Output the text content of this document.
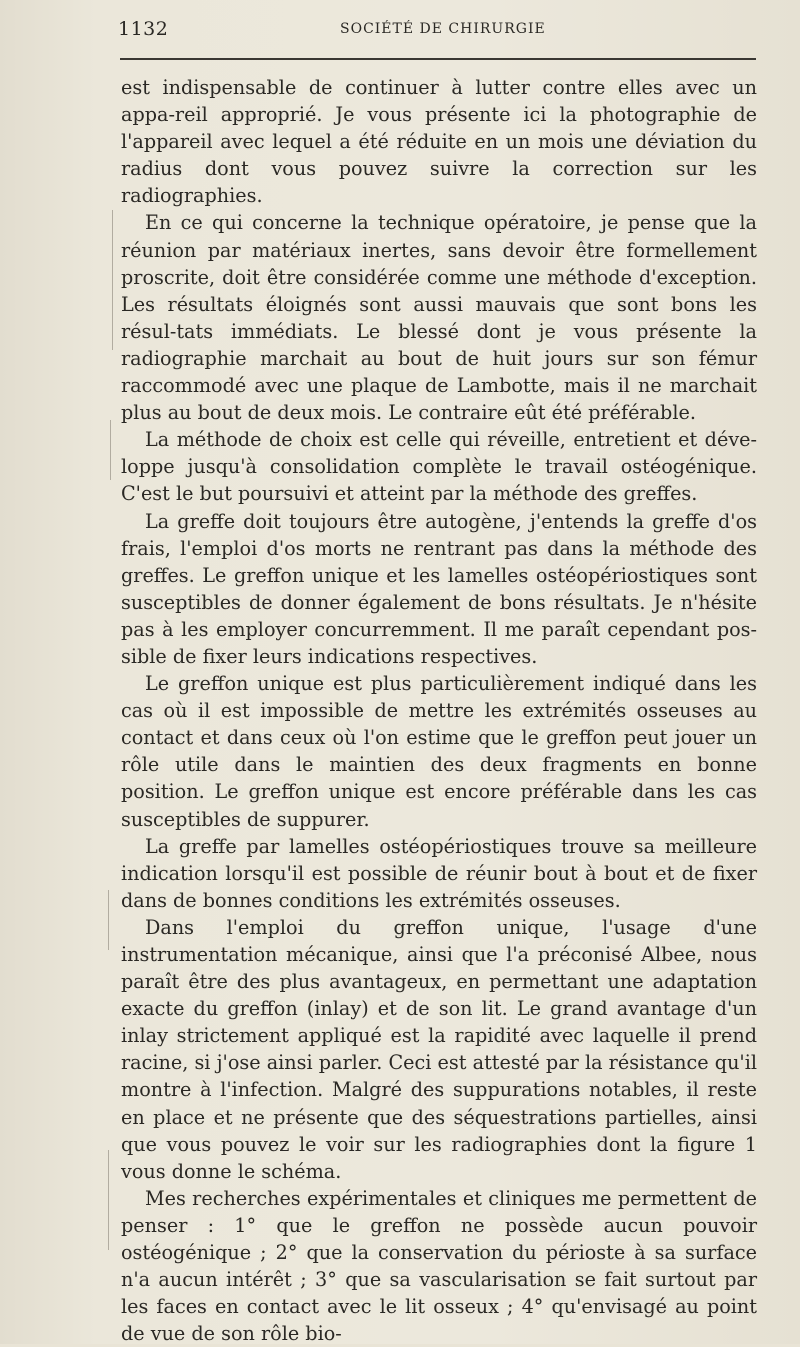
1132	SOCIÉTÉ DE CHIRURGIE

est indispensable de continuer à lutter contre elles avec un appa-reil approprié. Je vous présente ici la photographie de l'appareil avec lequel a été réduite en un mois une déviation du radius dont vous pouvez suivre la correction sur les radiographies.

En ce qui concerne la technique opératoire, je pense que la réunion par matériaux inertes, sans devoir être formellement proscrite, doit être considérée comme une méthode d'exception. Les résultats éloignés sont aussi mauvais que sont bons les résul-tats immédiats. Le blessé dont je vous présente la radiographie marchait au bout de huit jours sur son fémur raccommodé avec une plaque de Lambotte, mais il ne marchait plus au bout de deux mois. Le contraire eût été préférable.

La méthode de choix est celle qui réveille, entretient et déve-loppe jusqu'à consolidation complète le travail ostéogénique. C'est le but poursuivi et atteint par la méthode des greffes.

La greffe doit toujours être autogène, j'entends la greffe d'os frais, l'emploi d'os morts ne rentrant pas dans la méthode des greffes. Le greffon unique et les lamelles ostéopériostiques sont susceptibles de donner également de bons résultats. Je n'hésite pas à les employer concurremment. Il me paraît cependant pos-sible de fixer leurs indications respectives.

Le greffon unique est plus particulièrement indiqué dans les cas où il est impossible de mettre les extrémités osseuses au contact et dans ceux où l'on estime que le greffon peut jouer un rôle utile dans le maintien des deux fragments en bonne position. Le greffon unique est encore préférable dans les cas susceptibles de suppurer.

La greffe par lamelles ostéopériostiques trouve sa meilleure indication lorsqu'il est possible de réunir bout à bout et de fixer dans de bonnes conditions les extrémités osseuses.

Dans l'emploi du greffon unique, l'usage d'une instrumentation mécanique, ainsi que l'a préconisé Albee, nous paraît être des plus avantageux, en permettant une adaptation exacte du greffon (inlay) et de son lit. Le grand avantage d'un inlay strictement appliqué est la rapidité avec laquelle il prend racine, si j'ose ainsi parler. Ceci est attesté par la résistance qu'il montre à l'infection. Malgré des suppurations notables, il reste en place et ne présente que des séquestrations partielles, ainsi que vous pouvez le voir sur les radiographies dont la figure 1 vous donne le schéma.

Mes recherches expérimentales et cliniques me permettent de penser : 1° que le greffon ne possède aucun pouvoir ostéogénique ; 2° que la conservation du périoste à sa surface n'a aucun intérêt ; 3° que sa vascularisation se fait surtout par les faces en contact avec le lit osseux ; 4° qu'envisagé au point de vue de son rôle bio-
